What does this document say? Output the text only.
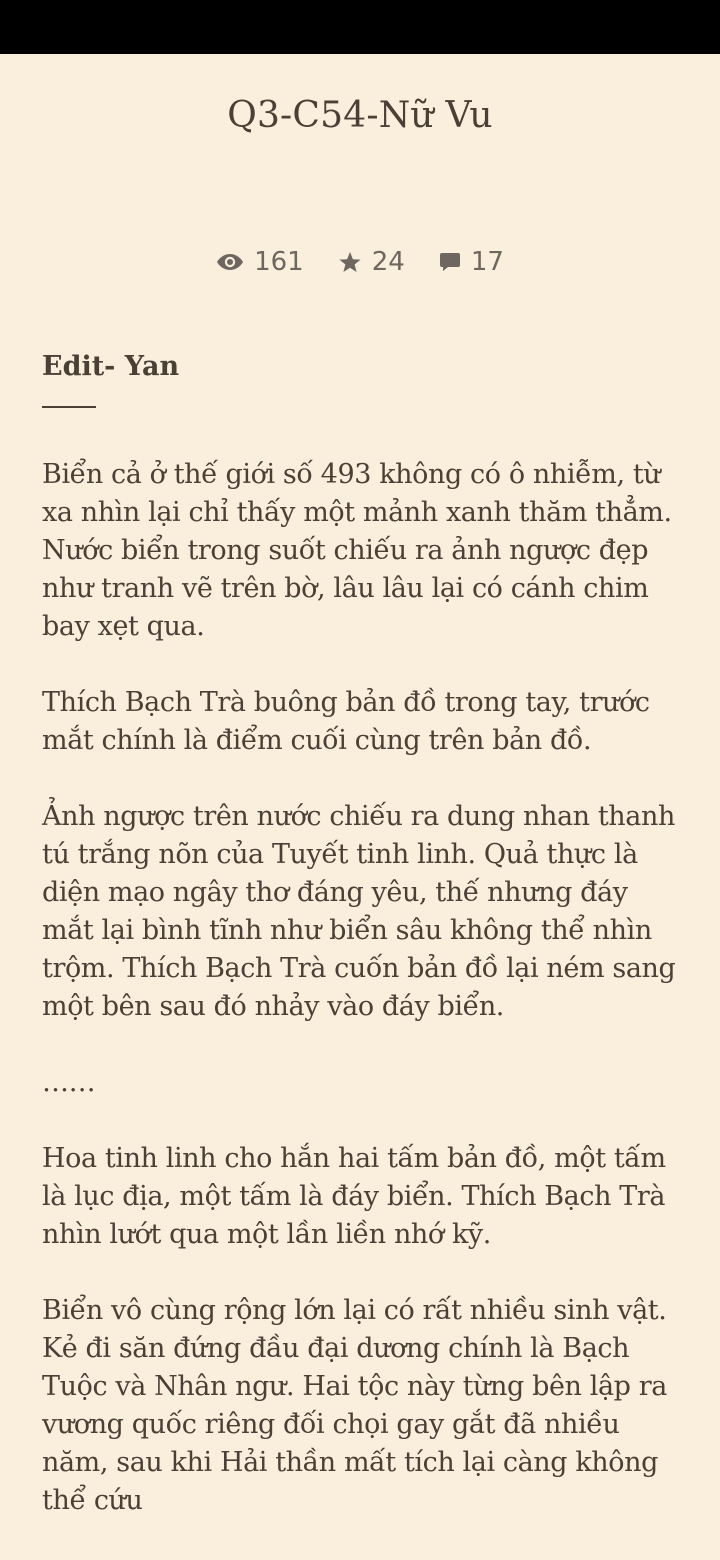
Q3-C54-Nữ Vu
161	24	17

Edit- Yan

Biển cả ở thế giới số 493 không có ô nhiễm, từ xa nhìn lại chỉ thấy một mảnh xanh thăm thẳm. Nước biển trong suốt chiếu ra ảnh ngược đẹp như tranh vẽ trên bờ, lâu lâu lại có cánh chim bay xẹt qua.

Thích Bạch Trà buông bản đồ trong tay, trước mắt chính là điểm cuối cùng trên bản đồ.

Ảnh ngược trên nước chiếu ra dung nhan thanh tú trắng nõn của Tuyết tinh linh. Quả thực là diện mạo ngây thơ đáng yêu, thế nhưng đáy mắt lại bình tĩnh như biển sâu không thể nhìn trộm. Thích Bạch Trà cuốn bản đồ lại ném sang một bên sau đó nhảy vào đáy biển.

……

Hoa tinh linh cho hắn hai tấm bản đồ, một tấm là lục địa, một tấm là đáy biển. Thích Bạch Trà nhìn lướt qua một lần liền nhớ kỹ.

Biển vô cùng rộng lớn lại có rất nhiều sinh vật. Kẻ đi săn đứng đầu đại dương chính là Bạch Tuộc và Nhân ngư. Hai tộc này từng bên lập ra vương quốc riêng đối chọi gay gắt đã nhiều năm, sau khi Hải thần mất tích lại càng không thể cứu
